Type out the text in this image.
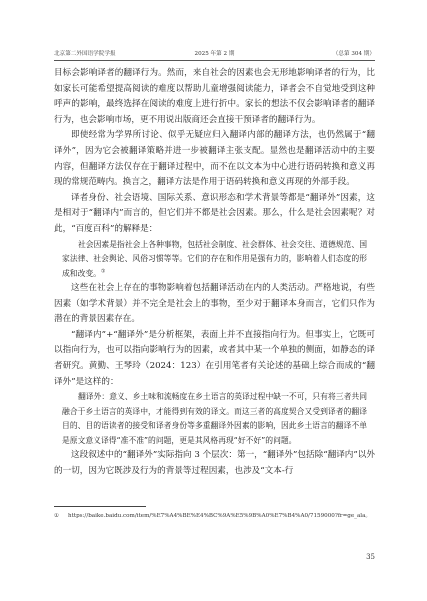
北京第二外国语学院学报	2025 年第 2 期	（总第 304 期）

目标会影响译者的翻译行为。然而，来自社会的因素也会无形地影响译者的行为，比如家长可能希望提高阅读的难度以帮助儿童增强阅读能力，译者会不自觉地受到这种呼声的影响，最终选择在阅读的难度上进行折中。家长的想法不仅会影响译者的翻译行为，也会影响市场，更不用说出版商还会直接干预译者的翻译行为。

即使经常为学界所讨论、似乎无疑应归入翻译内部的翻译方法，也仍然属于“翻译外”，因为它会被翻译策略并进一步被翻译主张支配。显然也是翻译活动中的主要内容，但翻译方法仅存在于翻译过程中，而不在以文本为中心进行语码转换和意义再现的常规范畴内。换言之，翻译方法是作用于语码转换和意义再现的外部手段。

译者身份、社会语境、国际关系、意识形态和学术背景等都是“翻译外”因素，这是相对于“翻译内”而言的，但它们并不都是社会因素。那么，什么是社会因素呢？对此，“百度百科”的解释是：

社会因素是指社会上各种事物，包括社会制度、社会群体、社会交往、道德规范、国家法律、社会舆论、风俗习惯等等。它们的存在和作用是强有力的，影响着人们态度的形成和改变。①

这些在社会上存在的事物影响着包括翻译活动在内的人类活动。严格地说，有些因素（如学术背景）并不完全是社会上的事物，至少对于翻译本身而言，它们只作为潜在的背景因素存在。

“翻译内”+“翻译外”是分析框架，表面上并不直接指向行为。但事实上，它既可以指向行为，也可以指向影响行为的因素，或者其中某一个单独的侧面，如静态的译者研究。黄勤、王琴玲（2024：123）在引用笔者有关论述的基础上综合而成的“翻译外”是这样的：

翻译外：意义、乡土味和流畅度在乡土语言的英译过程中缺一不可，只有将三者共同融合于乡土语言的英译中，才能得到有效的译文。而这三者的高度契合又受到译者的翻译目的、目的语读者的接受和译者身份等多重翻译外因素的影响，因此乡土语言的翻译不单是原文意义译得“准不准”的问题，更是其风格再现“好不好”的问题。

这段叙述中的“翻译外”实际指向 3 个层次：第一，“翻译外”包括除“翻译内”以外的一切，因为它既涉及行为的背景等过程因素，也涉及“文本-行

① https://baike.baidu.com/item/%E7%A4%BE%E4%BC%9A%E5%9B%A0%E7%B4%A0/7159000?fr=ge_ala。
35
